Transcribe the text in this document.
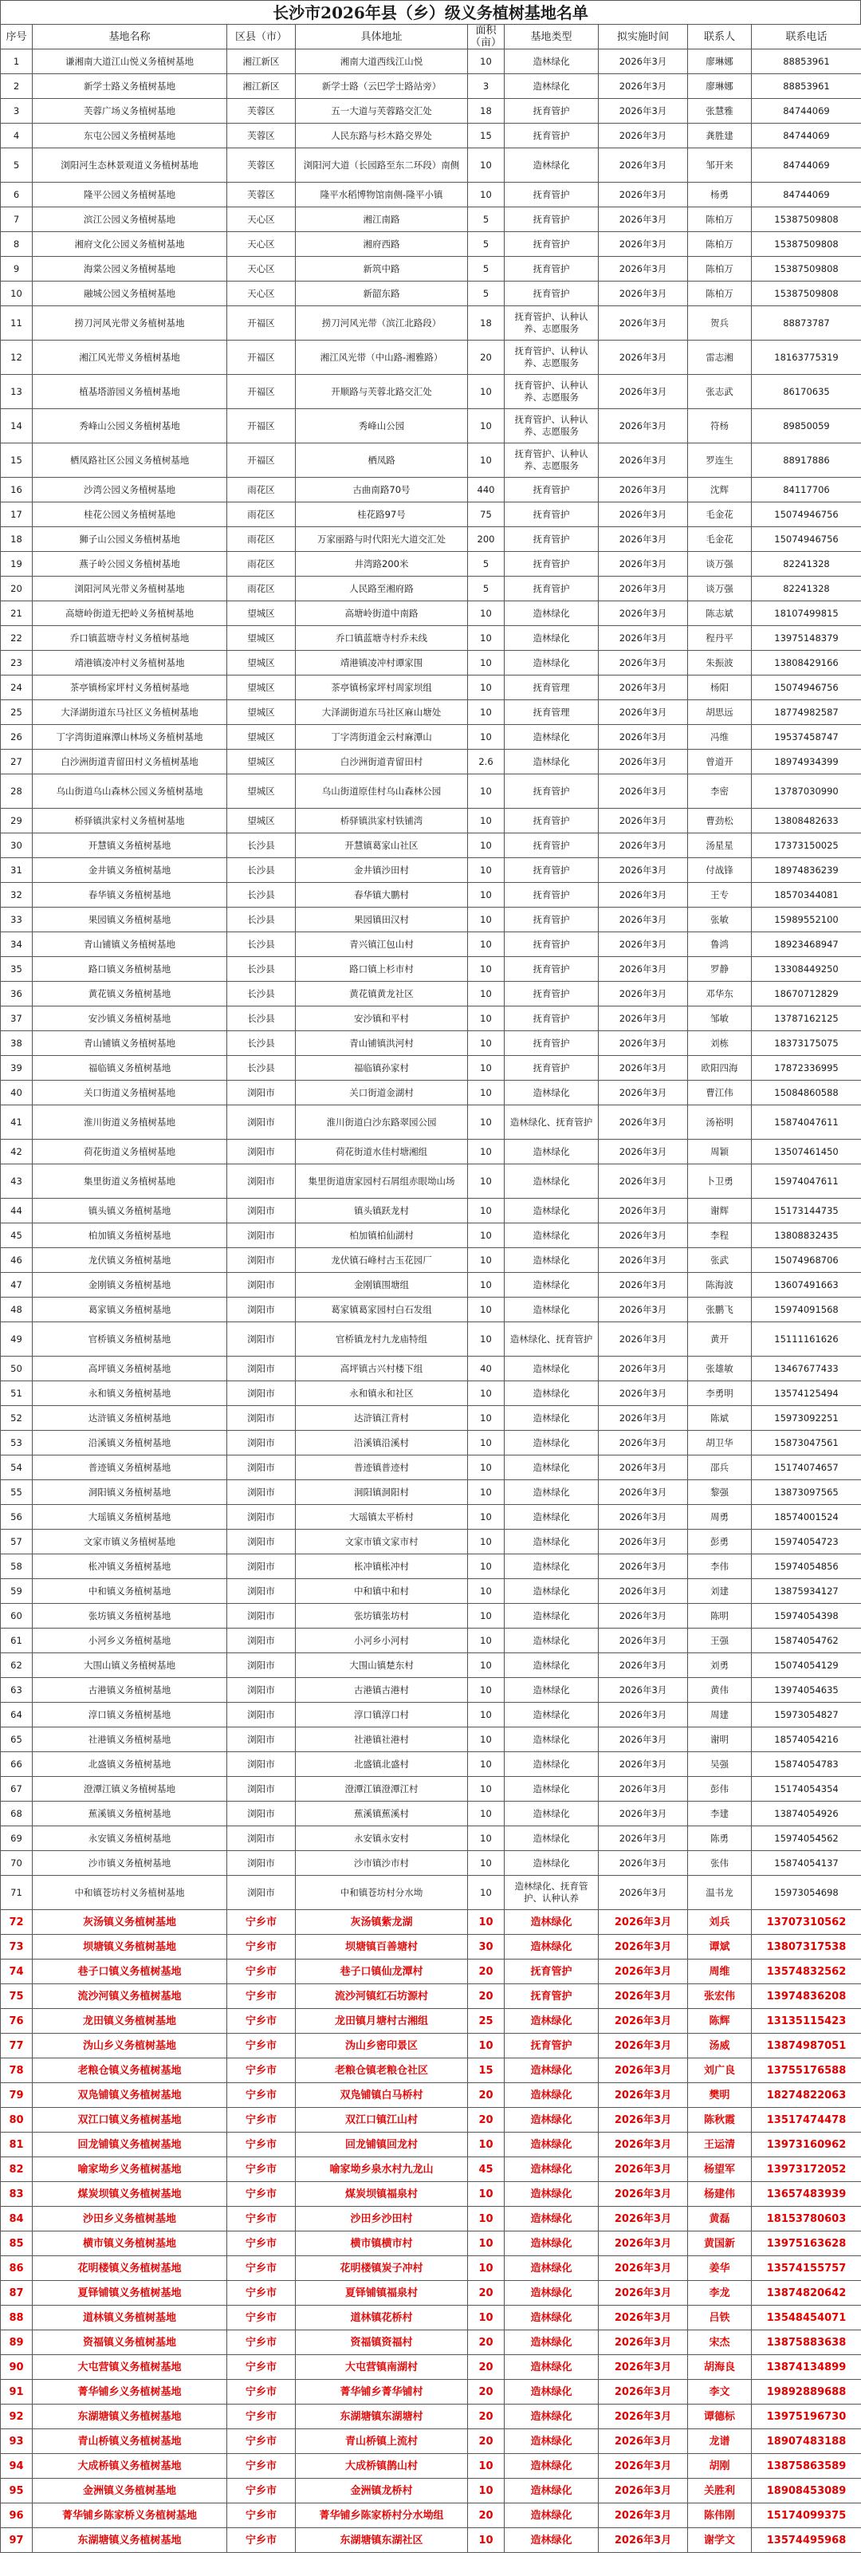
长沙市2026年县（乡）级义务植树基地名单
序号	基地名称	区县（市）	具体地址	面积（亩）	基地类型	拟实施时间	联系人	联系电话
1	谦湘南大道江山悦义务植树基地	湘江新区	湘南大道西线江山悦	10	造林绿化	2026年3月	廖琳娜	88853961
2	新学士路义务植树基地	湘江新区	新学士路（云巴学士路站旁）	3	造林绿化	2026年3月	廖琳娜	88853961
3	芙蓉广场义务植树基地	芙蓉区	五一大道与芙蓉路交汇处	18	抚育管护	2026年3月	张慧雅	84744069
4	东屯公园义务植树基地	芙蓉区	人民东路与杉木路交界处	15	抚育管护	2026年3月	龚胜建	84744069
5	浏阳河生态林景观道义务植树基地	芙蓉区	浏阳河大道（长园路至东二环段）南侧	10	造林绿化	2026年3月	邹开来	84744069
6	隆平公园义务植树基地	芙蓉区	隆平水稻博物馆南侧-隆平小镇	10	抚育管护	2026年3月	杨勇	84744069
7	滨江公园义务植树基地	天心区	湘江南路	5	抚育管护	2026年3月	陈柏万	15387509808
8	湘府文化公园义务植树基地	天心区	湘府西路	5	抚育管护	2026年3月	陈柏万	15387509808
9	海棠公园义务植树基地	天心区	新筑中路	5	抚育管护	2026年3月	陈柏万	15387509808
10	融城公园义务植树基地	天心区	新韶东路	5	抚育管护	2026年3月	陈柏万	15387509808
11	捞刀河风光带义务植树基地	开福区	捞刀河风光带（滨江北路段）	18	抚育管护、认种认养、志愿服务	2026年3月	贺兵	88873787
12	湘江风光带义务植树基地	开福区	湘江风光带（中山路-湘雅路）	20	抚育管护、认种认养、志愿服务	2026年3月	雷志湘	18163775319
13	植基塔游园义务植树基地	开福区	开顺路与芙蓉北路交汇处	10	抚育管护、认种认养、志愿服务	2026年3月	张志武	86170635
14	秀峰山公园义务植树基地	开福区	秀峰山公园	10	抚育管护、认种认养、志愿服务	2026年3月	符杨	89850059
15	栖凤路社区公园义务植树基地	开福区	栖凤路	10	抚育管护、认种认养、志愿服务	2026年3月	罗连生	88917886
16	沙湾公园义务植树基地	雨花区	古曲南路70号	440	抚育管护	2026年3月	沈辉	84117706
17	桂花公园义务植树基地	雨花区	桂花路97号	75	抚育管护	2026年3月	毛金花	15074946756
18	狮子山公园义务植树基地	雨花区	万家丽路与时代阳光大道交汇处	200	抚育管护	2026年3月	毛金花	15074946756
19	燕子岭公园义务植树基地	雨花区	井湾路200米	5	抚育管护	2026年3月	谈万强	82241328
20	浏阳河风光带义务植树基地	雨花区	人民路至湘府路	5	抚育管护	2026年3月	谈万强	82241328
21	高塘岭街道无把岭义务植树基地	望城区	高塘岭街道中南路	10	造林绿化	2026年3月	陈志斌	18107499815
22	乔口镇蓝塘寺村义务植树基地	望城区	乔口镇蓝塘寺村乔未线	10	造林绿化	2026年3月	程丹平	13975148379
23	靖港镇凌冲村义务植树基地	望城区	靖港镇凌冲村谭家围	10	造林绿化	2026年3月	朱振波	13808429166
24	茶亭镇杨家坪村义务植树基地	望城区	茶亭镇杨家坪村周家坝组	10	抚育管理	2026年3月	杨阳	15074946756
25	大泽湖街道东马社区义务植树基地	望城区	大泽湖街道东马社区麻山塘处	10	抚育管理	2026年3月	胡思远	18774982587
26	丁字湾街道麻潭山林场义务植树基地	望城区	丁字湾街道金云村麻潭山	10	造林绿化	2026年3月	冯维	19537458747
27	白沙洲街道青留田村义务植树基地	望城区	白沙洲街道青留田村	2.6	造林绿化	2026年3月	曾道开	18974934399
28	乌山街道乌山森林公园义务植树基地	望城区	乌山街道原佳村乌山森林公园	10	抚育管护	2026年3月	李密	13787030990
29	桥驿镇洪家村义务植树基地	望城区	桥驿镇洪家村铁铺湾	10	抚育管护	2026年3月	曹劲松	13808482633
30	开慧镇义务植树基地	长沙县	开慧镇葛家山社区	10	抚育管护	2026年3月	汤星星	17373150025
31	金井镇义务植树基地	长沙县	金井镇沙田村	10	抚育管护	2026年3月	付战锋	18974836239
32	春华镇义务植树基地	长沙县	春华镇大鹏村	10	抚育管护	2026年3月	王专	18570344081
33	果园镇义务植树基地	长沙县	果园镇田汉村	10	抚育管护	2026年3月	张敏	15989552100
34	青山铺镇义务植树基地	长沙县	青兴镇江包山村	10	抚育管护	2026年3月	鲁鸿	18923468947
35	路口镇义务植树基地	长沙县	路口镇上杉市村	10	抚育管护	2026年3月	罗静	13308449250
36	黄花镇义务植树基地	长沙县	黄花镇黄龙社区	10	抚育管护	2026年3月	邓华东	18670712829
37	安沙镇义务植树基地	长沙县	安沙镇和平村	10	抚育管护	2026年3月	邹敏	13787162125
38	青山铺镇义务植树基地	长沙县	青山铺镇洪河村	10	抚育管护	2026年3月	刘栋	18373175075
39	福临镇义务植树基地	长沙县	福临镇孙家村	10	抚育管护	2026年3月	欧阳四海	17872336995
40	关口街道义务植树基地	浏阳市	关口街道金湖村	10	造林绿化	2026年3月	曹江伟	15084860588
41	淮川街道义务植树基地	浏阳市	淮川街道白沙东路翠园公园	10	造林绿化、抚育管护	2026年3月	汤裕明	15874047611
42	荷花街道义务植树基地	浏阳市	荷花街道水佳村塘湘组	10	造林绿化	2026年3月	周颖	13507461450
43	集里街道义务植树基地	浏阳市	集里街道唐家园村石屑组赤眼坳山场	10	造林绿化	2026年3月	卜卫勇	15974047611
44	镇头镇义务植树基地	浏阳市	镇头镇跃龙村	10	造林绿化	2026年3月	谢辉	15173144735
45	柏加镇义务植树基地	浏阳市	柏加镇柏仙湖村	10	造林绿化	2026年3月	李程	13808832435
46	龙伏镇义务植树基地	浏阳市	龙伏镇石峰村古玉花园厂	10	造林绿化	2026年3月	张武	15074968706
47	金刚镇义务植树基地	浏阳市	金刚镇围塘组	10	造林绿化	2026年3月	陈海波	13607491663
48	葛家镇义务植树基地	浏阳市	葛家镇葛家园村白石发组	10	造林绿化	2026年3月	张鹏飞	15974091568
49	官桥镇义务植树基地	浏阳市	官桥镇龙村九龙庙特组	10	造林绿化、抚育管护	2026年3月	黄开	15111161626
50	高坪镇义务植树基地	浏阳市	高坪镇古兴村楼下组	40	造林绿化	2026年3月	张雄敏	13467677433
51	永和镇义务植树基地	浏阳市	永和镇永和社区	10	造林绿化	2026年3月	李勇明	13574125494
52	达浒镇义务植树基地	浏阳市	达浒镇江背村	10	造林绿化	2026年3月	陈斌	15973092251
53	沿溪镇义务植树基地	浏阳市	沿溪镇沿溪村	10	造林绿化	2026年3月	胡卫华	15873047561
54	普迹镇义务植树基地	浏阳市	普迹镇普迹村	10	造林绿化	2026年3月	邵兵	15174074657
55	洞阳镇义务植树基地	浏阳市	洞阳镇洞阳村	10	造林绿化	2026年3月	黎强	13873097565
56	大瑶镇义务植树基地	浏阳市	大瑶镇太平桥村	10	造林绿化	2026年3月	周勇	18574001524
57	文家市镇义务植树基地	浏阳市	文家市镇文家市村	10	造林绿化	2026年3月	彭勇	15974054723
58	枨冲镇义务植树基地	浏阳市	枨冲镇枨冲村	10	造林绿化	2026年3月	李伟	15974054856
59	中和镇义务植树基地	浏阳市	中和镇中和村	10	造林绿化	2026年3月	刘建	13875934127
60	张坊镇义务植树基地	浏阳市	张坊镇张坊村	10	造林绿化	2026年3月	陈明	15974054398
61	小河乡义务植树基地	浏阳市	小河乡小河村	10	造林绿化	2026年3月	王强	15874054762
62	大围山镇义务植树基地	浏阳市	大围山镇楚东村	10	造林绿化	2026年3月	刘勇	15074054129
63	古港镇义务植树基地	浏阳市	古港镇古港村	10	造林绿化	2026年3月	黄伟	13974054635
64	淳口镇义务植树基地	浏阳市	淳口镇淳口村	10	造林绿化	2026年3月	周建	15973054827
65	社港镇义务植树基地	浏阳市	社港镇社港村	10	造林绿化	2026年3月	谢明	18574054216
66	北盛镇义务植树基地	浏阳市	北盛镇北盛村	10	造林绿化	2026年3月	吴强	15874054783
67	澄潭江镇义务植树基地	浏阳市	澄潭江镇澄潭江村	10	造林绿化	2026年3月	彭伟	15174054354
68	蕉溪镇义务植树基地	浏阳市	蕉溪镇蕉溪村	10	造林绿化	2026年3月	李建	13874054926
69	永安镇义务植树基地	浏阳市	永安镇永安村	10	造林绿化	2026年3月	陈勇	15974054562
70	沙市镇义务植树基地	浏阳市	沙市镇沙市村	10	造林绿化	2026年3月	张伟	15874054137
71	中和镇苍坊村义务植树基地	浏阳市	中和镇苍坊村分水坳	10	造林绿化、抚育管护、认种认养	2026年3月	温书龙	15973054698
72	灰汤镇义务植树基地	宁乡市	灰汤镇紫龙湖	10	造林绿化	2026年3月	刘兵	13707310562
73	坝塘镇义务植树基地	宁乡市	坝塘镇百善塘村	30	造林绿化	2026年3月	谭斌	13807317538
74	巷子口镇义务植树基地	宁乡市	巷子口镇仙龙潭村	20	抚育管护	2026年3月	周维	13574832562
75	流沙河镇义务植树基地	宁乡市	流沙河镇红石坊源村	20	抚育管护	2026年3月	张宏伟	13974836208
76	龙田镇义务植树基地	宁乡市	龙田镇月塘村古湘组	25	造林绿化	2026年3月	陈辉	13135115423
77	沩山乡义务植树基地	宁乡市	沩山乡密印景区	10	抚育管护	2026年3月	汤威	13874987051
78	老粮仓镇义务植树基地	宁乡市	老粮仓镇老粮仓社区	15	造林绿化	2026年3月	刘广良	13755176588
79	双凫铺镇义务植树基地	宁乡市	双凫铺镇白马桥村	20	造林绿化	2026年3月	樊明	18274822063
80	双江口镇义务植树基地	宁乡市	双江口镇江山村	20	造林绿化	2026年3月	陈秋霞	13517474478
81	回龙铺镇义务植树基地	宁乡市	回龙铺镇回龙村	10	造林绿化	2026年3月	王运清	13973160962
82	喻家坳乡义务植树基地	宁乡市	喻家坳乡泉水村九龙山	45	造林绿化	2026年3月	杨望军	13973172052
83	煤炭坝镇义务植树基地	宁乡市	煤炭坝镇福泉村	10	造林绿化	2026年3月	杨建伟	13657483939
84	沙田乡义务植树基地	宁乡市	沙田乡沙田村	10	造林绿化	2026年3月	黄磊	18153780603
85	横市镇义务植树基地	宁乡市	横市镇横市村	10	造林绿化	2026年3月	黄国新	13975163628
86	花明楼镇义务植树基地	宁乡市	花明楼镇炭子冲村	10	造林绿化	2026年3月	姜华	13574155757
87	夏铎铺镇义务植树基地	宁乡市	夏铎铺镇福泉村	20	造林绿化	2026年3月	李龙	13874820642
88	道林镇义务植树基地	宁乡市	道林镇花桥村	10	造林绿化	2026年3月	吕铁	13548454071
89	资福镇义务植树基地	宁乡市	资福镇资福村	20	造林绿化	2026年3月	宋杰	13875883638
90	大屯营镇义务植树基地	宁乡市	大屯营镇南湖村	20	造林绿化	2026年3月	胡海良	13874134899
91	菁华铺乡义务植树基地	宁乡市	菁华铺乡菁华铺村	20	造林绿化	2026年3月	李文	19892889688
92	东湖塘镇义务植树基地	宁乡市	东湖塘镇东湖塘村	20	造林绿化	2026年3月	谭德标	13975196730
93	青山桥镇义务植树基地	宁乡市	青山桥镇上流村	20	造林绿化	2026年3月	龙谱	18907483188
94	大成桥镇义务植树基地	宁乡市	大成桥镇鹊山村	10	造林绿化	2026年3月	胡刚	13875863589
95	金洲镇义务植树基地	宁乡市	金洲镇龙桥村	10	造林绿化	2026年3月	关胜利	18908453089
96	菁华铺乡陈家桥义务植树基地	宁乡市	菁华铺乡陈家桥村分水坳组	20	造林绿化	2026年3月	陈伟刚	15174099375
97	东湖塘镇义务植树基地	宁乡市	东湖塘镇东湖社区	10	造林绿化	2026年3月	谢学文	13574495968
